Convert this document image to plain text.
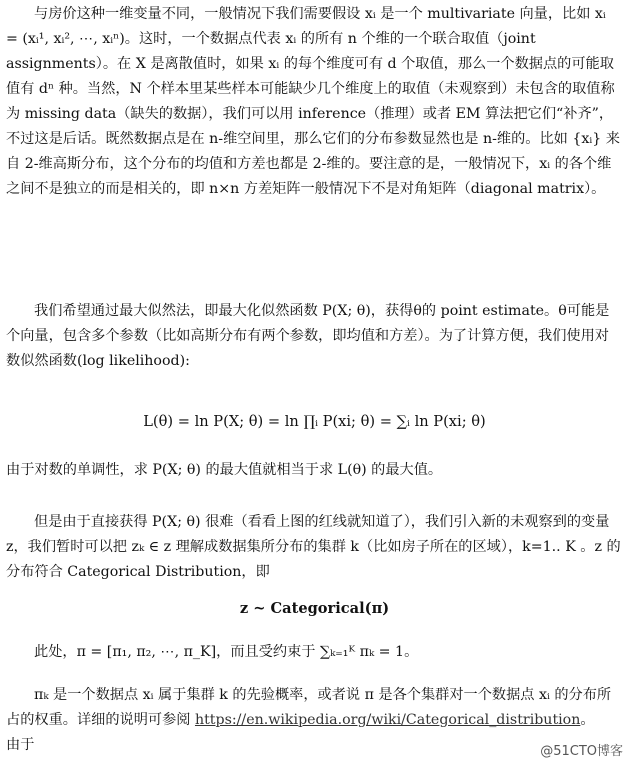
与房价这种一维变量不同，一般情况下我们需要假设 xᵢ 是一个 multivariate 向量，比如 xᵢ = (xᵢ¹, xᵢ², ⋯, xᵢⁿ)。这时，一个数据点代表 xᵢ 的所有 n 个维的一个联合取值（joint assignments）。在 X 是离散值时，如果 xᵢ 的每个维度可有 d 个取值，那么一个数据点的可能取值有 dⁿ 种。当然，N 个样本里某些样本可能缺少几个维度上的取值（未观察到）未包含的取值称为 missing data（缺失的数据），我们可以用 inference（推理）或者 EM 算法把它们“补齐”，不过这是后话。既然数据点是在 n-维空间里，那么它们的分布参数显然也是 n-维的。比如 {xᵢ} 来自 2-维高斯分布，这个分布的均值和方差也都是 2-维的。要注意的是，一般情况下，xᵢ 的各个维之间不是独立的而是相关的，即 n×n 方差矩阵一般情况下不是对角矩阵（diagonal matrix）。

我们希望通过最大似然法，即最大化似然函数 P(X; θ)，获得θ的 point estimate。θ可能是个向量，包含多个参数（比如高斯分布有两个参数，即均值和方差）。为了计算方便，我们使用对数似然函数(log likelihood):

L(θ) = ln P(X; θ) = ln ∏ᵢ P(xi; θ) = ∑ᵢ ln P(xi; θ)

由于对数的单调性，求 P(X; θ) 的最大值就相当于求 L(θ) 的最大值。

但是由于直接获得 P(X; θ) 很难（看看上图的红线就知道了），我们引入新的未观察到的变量 z，我们暂时可以把 zₖ ∈ z 理解成数据集所分布的集群 k（比如房子所在的区域），k=1.. K 。z 的分布符合 Categorical Distribution，即

z ~ Categorical(π)

此处，π = [π₁, π₂, ⋯, π_K]，而且受约束于 ∑ₖ₌₁ᴷ πₖ = 1。

πₖ 是一个数据点 xᵢ 属于集群 k 的先验概率，或者说 π 是各个集群对一个数据点 xᵢ 的分布所占的权重。详细的说明可参阅 https://en.wikipedia.org/wiki/Categorical_distribution。

由于	@51CTO博客
